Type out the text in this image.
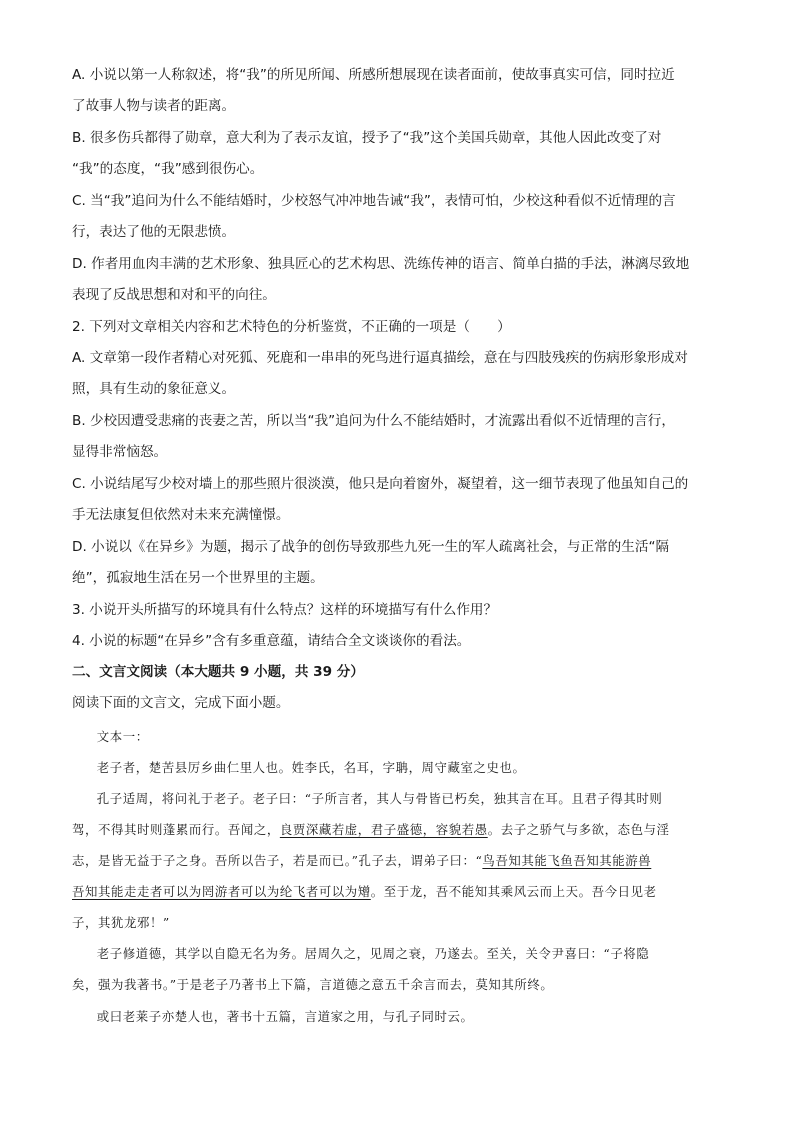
A. 小说以第一人称叙述，将“我”的所见所闻、所感所想展现在读者面前，使故事真实可信，同时拉近
了故事人物与读者的距离。

B. 很多伤兵都得了勋章，意大利为了表示友谊，授予了“我”这个美国兵勋章，其他人因此改变了对
“我”的态度，“我”感到很伤心。

C. 当“我”追问为什么不能结婚时，少校怒气冲冲地告诫“我”，表情可怕，少校这种看似不近情理的言
行，表达了他的无限悲愤。

D. 作者用血肉丰满的艺术形象、独具匠心的艺术构思、洗练传神的语言、简单白描的手法，淋漓尽致地
表现了反战思想和对和平的向往。

2. 下列对文章相关内容和艺术特色的分析鉴赏，不正确的一项是（　　）

A. 文章第一段作者精心对死狐、死鹿和一串串的死鸟进行逼真描绘，意在与四肢残疾的伤病形象形成对
照，具有生动的象征意义。

B. 少校因遭受悲痛的丧妻之苦，所以当“我”追问为什么不能结婚时，才流露出看似不近情理的言行，
显得非常恼怒。

C. 小说结尾写少校对墙上的那些照片很淡漠，他只是向着窗外，凝望着，这一细节表现了他虽知自己的
手无法康复但依然对未来充满憧憬。

D. 小说以《在异乡》为题，揭示了战争的创伤导致那些九死一生的军人疏离社会，与正常的生活“隔
绝”，孤寂地生活在另一个世界里的主题。

3. 小说开头所描写的环境具有什么特点？这样的环境描写有什么作用？

4. 小说的标题“在异乡”含有多重意蕴，请结合全文谈谈你的看法。

二、文言文阅读（本大题共 9 小题，共 39 分）

阅读下面的文言文，完成下面小题。

文本一：

老子者，楚苦县厉乡曲仁里人也。姓李氏，名耳，字聃，周守藏室之史也。

孔子适周，将问礼于老子。老子曰：“子所言者，其人与骨皆已朽矣，独其言在耳。且君子得其时则
驾，不得其时则蓬累而行。吾闻之，良贾深藏若虚，君子盛德，容貌若愚。去子之骄气与多欲，态色与淫
志，是皆无益于子之身。吾所以告子，若是而已。”孔子去，谓弟子曰：“鸟吾知其能飞鱼吾知其能游兽
吾知其能走走者可以为罔游者可以为纶飞者可以为矰。至于龙，吾不能知其乘风云而上天。吾今日见老
子，其犹龙邪！”

老子修道德，其学以自隐无名为务。居周久之，见周之衰，乃遂去。至关，关令尹喜曰：“子将隐
矣，强为我著书。”于是老子乃著书上下篇，言道德之意五千余言而去，莫知其所终。

或曰老莱子亦楚人也，著书十五篇，言道家之用，与孔子同时云。
